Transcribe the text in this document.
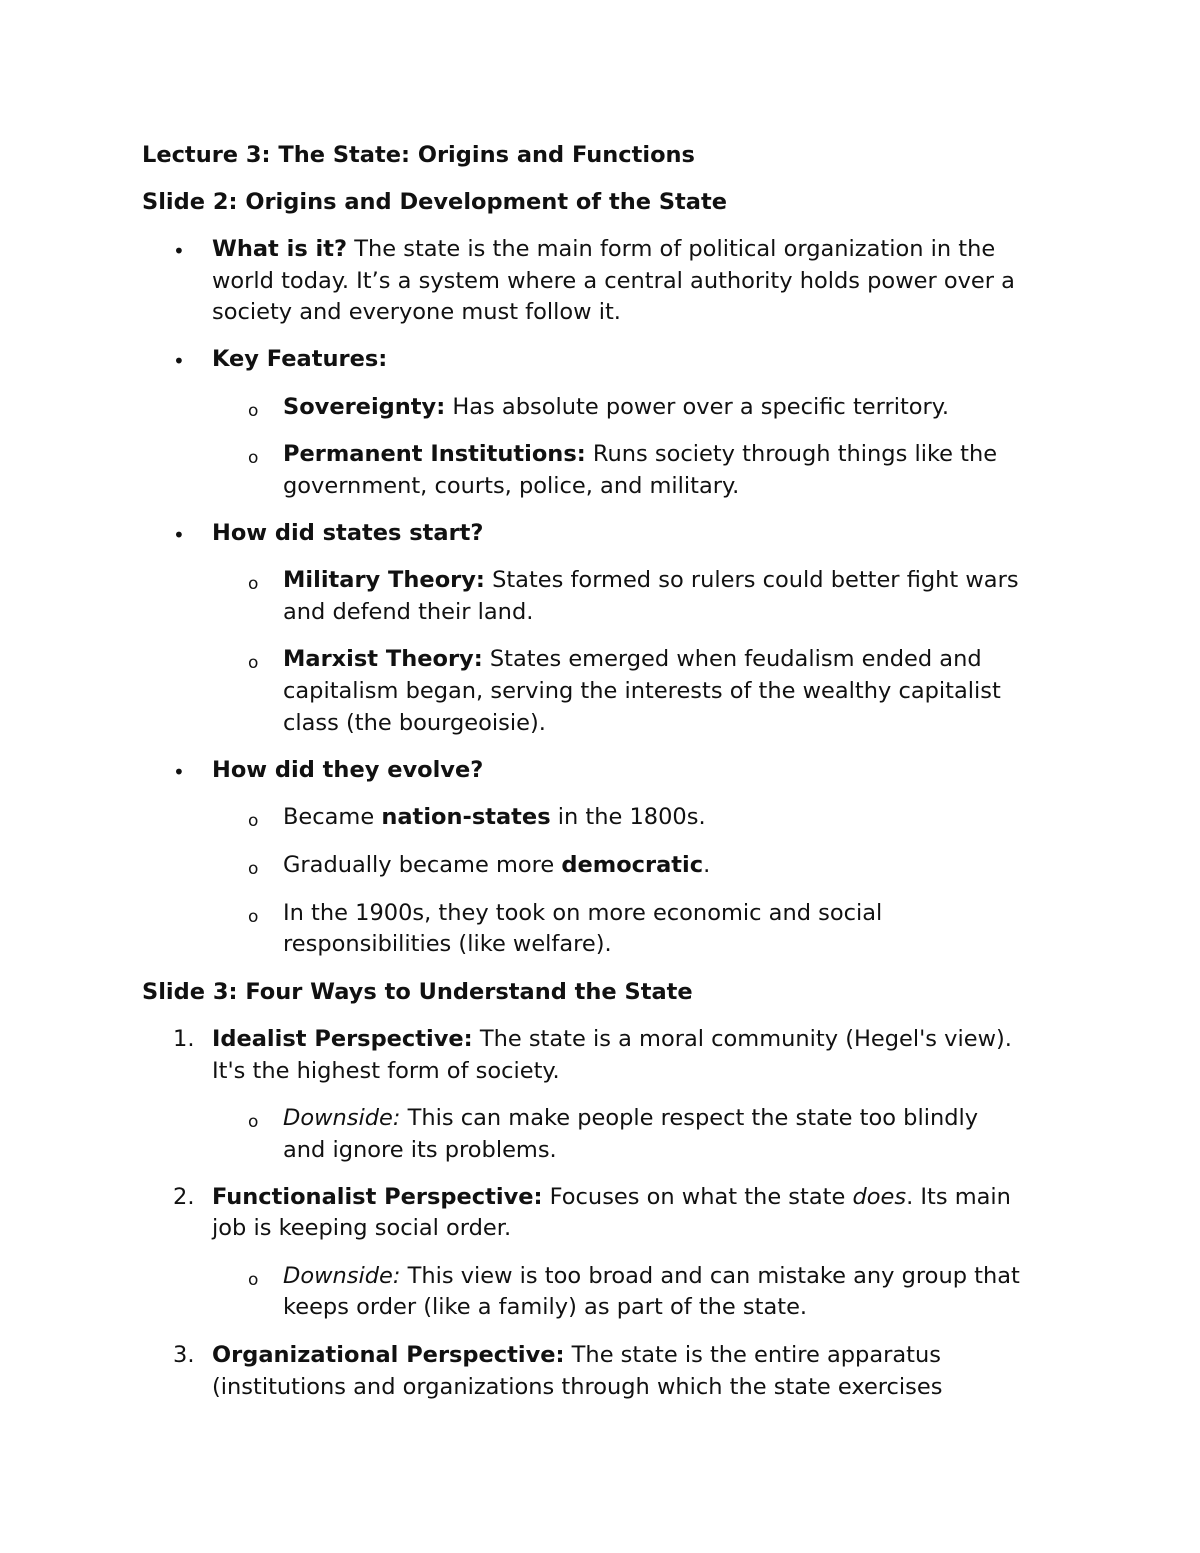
Lecture 3: The State: Origins and Functions
Slide 2: Origins and Development of the State
• What is it? The state is the main form of political organization in the
world today. It’s a system where a central authority holds power over a
society and everyone must follow it.
• Key Features:
o Sovereignty: Has absolute power over a specific territory.
o Permanent Institutions: Runs society through things like the
government, courts, police, and military.
• How did states start?
o Military Theory: States formed so rulers could better fight wars
and defend their land.
o Marxist Theory: States emerged when feudalism ended and
capitalism began, serving the interests of the wealthy capitalist
class (the bourgeoisie).
• How did they evolve?
o Became nation-states in the 1800s.
o Gradually became more democratic.
o In the 1900s, they took on more economic and social
responsibilities (like welfare).
Slide 3: Four Ways to Understand the State
1. Idealist Perspective: The state is a moral community (Hegel's view).
It's the highest form of society.
o Downside: This can make people respect the state too blindly
and ignore its problems.
2. Functionalist Perspective: Focuses on what the state does. Its main
job is keeping social order.
o Downside: This view is too broad and can mistake any group that
keeps order (like a family) as part of the state.
3. Organizational Perspective: The state is the entire apparatus
(institutions and organizations through which the state exercises
